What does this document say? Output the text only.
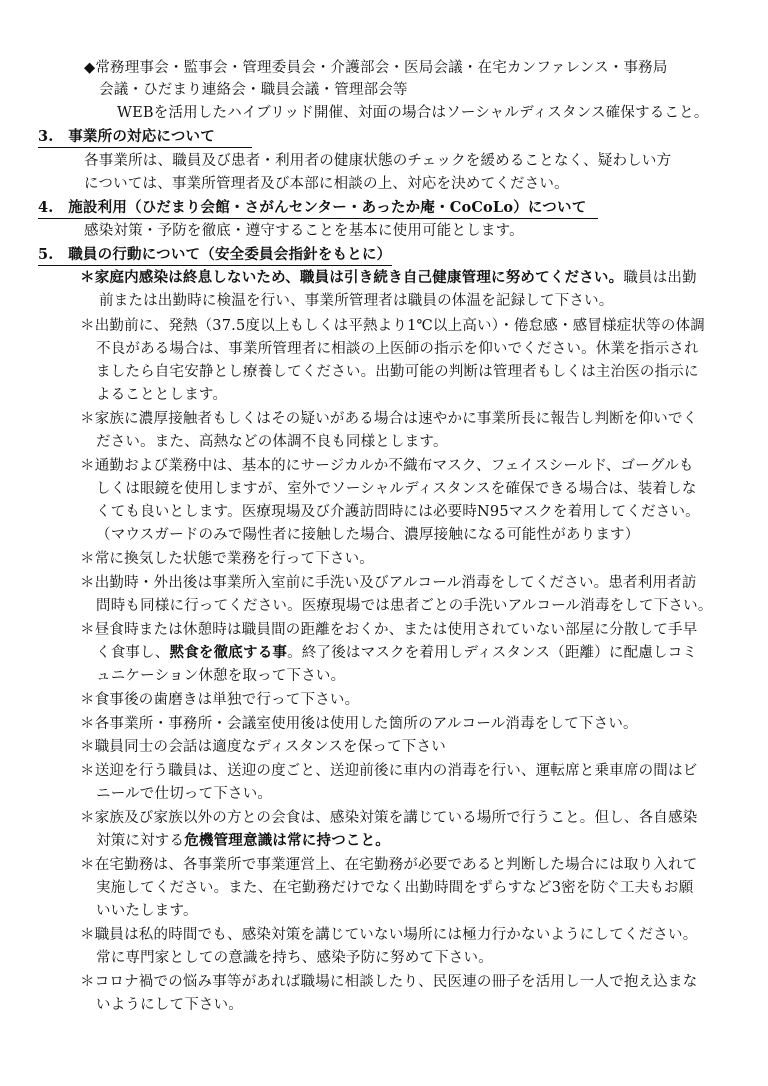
◆常務理事会・監事会・管理委員会・介護部会・医局会議・在宅カンファレンス・事務局
会議・ひだまり連絡会・職員会議・管理部会等
WEBを活用したハイブリッド開催、対面の場合はソーシャルディスタンス確保すること。
3.　事業所の対応について
各事業所は、職員及び患者・利用者の健康状態のチェックを緩めることなく、疑わしい方
については、事業所管理者及び本部に相談の上、対応を決めてください。
4.　施設利用（ひだまり会館・さがんセンター・あったか庵・CoCoLo）について
感染対策・予防を徹底・遵守することを基本に使用可能とします。
5.　職員の行動について（安全委員会指針をもとに）
＊家庭内感染は終息しないため、職員は引き続き自己健康管理に努めてください。職員は出勤
前または出勤時に検温を行い、事業所管理者は職員の体温を記録して下さい。
＊出勤前に、発熱（37.5度以上もしくは平熱より1℃以上高い）・倦怠感・感冒様症状等の体調
不良がある場合は、事業所管理者に相談の上医師の指示を仰いでください。休業を指示され
ましたら自宅安静とし療養してください。出勤可能の判断は管理者もしくは主治医の指示に
よることとします。
＊家族に濃厚接触者もしくはその疑いがある場合は速やかに事業所長に報告し判断を仰いでく
ださい。また、高熱などの体調不良も同様とします。
＊通勤および業務中は、基本的にサージカルか不織布マスク、フェイスシールド、ゴーグルも
しくは眼鏡を使用しますが、室外でソーシャルディスタンスを確保できる場合は、装着しな
くても良いとします。医療現場及び介護訪問時には必要時N95マスクを着用してください。
（マウスガードのみで陽性者に接触した場合、濃厚接触になる可能性があります）
＊常に換気した状態で業務を行って下さい。
＊出勤時・外出後は事業所入室前に手洗い及びアルコール消毒をしてください。患者利用者訪
問時も同様に行ってください。医療現場では患者ごとの手洗いアルコール消毒をして下さい。
＊昼食時または休憩時は職員間の距離をおくか、または使用されていない部屋に分散して手早
く食事し、黙食を徹底する事。終了後はマスクを着用しディスタンス（距離）に配慮しコミ
ュニケーション休憩を取って下さい。
＊食事後の歯磨きは単独で行って下さい。
＊各事業所・事務所・会議室使用後は使用した箇所のアルコール消毒をして下さい。
＊職員同士の会話は適度なディスタンスを保って下さい
＊送迎を行う職員は、送迎の度ごと、送迎前後に車内の消毒を行い、運転席と乗車席の間はビ
ニールで仕切って下さい。
＊家族及び家族以外の方との会食は、感染対策を講じている場所で行うこと。但し、各自感染
対策に対する危機管理意識は常に持つこと。
＊在宅勤務は、各事業所で事業運営上、在宅勤務が必要であると判断した場合には取り入れて
実施してください。また、在宅勤務だけでなく出勤時間をずらすなど3密を防ぐ工夫もお願
いいたします。
＊職員は私的時間でも、感染対策を講じていない場所には極力行かないようにしてください。
常に専門家としての意識を持ち、感染予防に努めて下さい。
＊コロナ禍での悩み事等があれば職場に相談したり、民医連の冊子を活用し一人で抱え込まな
いようにして下さい。
